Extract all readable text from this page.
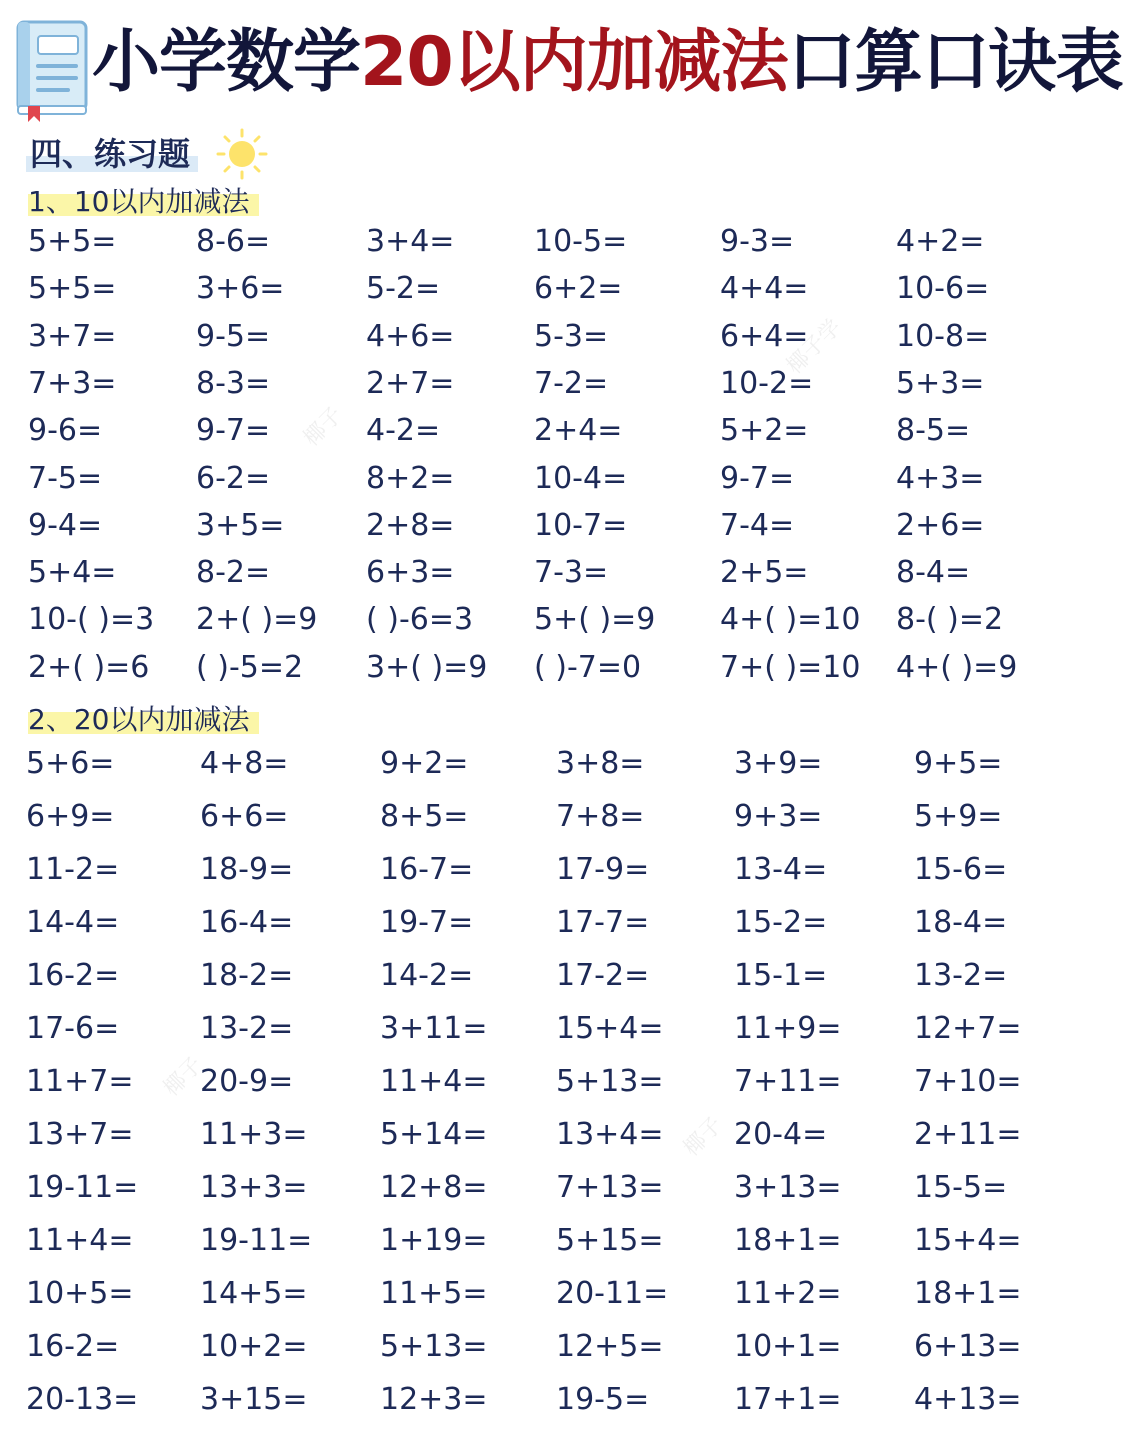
小学数学20以内加减法口算口诀表
四、练习题
1、10以内加减法
5+5=	8-6=	3+4=	10-5=	9-3=	4+2=
5+5=	3+6=	5-2=	6+2=	4+4=	10-6=
3+7=	9-5=	4+6=	5-3=	6+4=	10-8=
7+3=	8-3=	2+7=	7-2=	10-2=	5+3=
9-6=	9-7=	4-2=	2+4=	5+2=	8-5=
7-5=	6-2=	8+2=	10-4=	9-7=	4+3=
9-4=	3+5=	2+8=	10-7=	7-4=	2+6=
5+4=	8-2=	6+3=	7-3=	2+5=	8-4=
10-( )=3 2+( )=9 ( )-6=3 5+( )=9 4+( )=10 8-( )=2
2+( )=6 ( )-5=2 3+( )=9 ( )-7=0	7+( )=10 4+( )=9
2、20以内加减法
5+6=	4+8=	9+2=	3+8=	3+9=	9+5=
6+9=	6+6=	8+5=	7+8=	9+3=	5+9=
11-2=	18-9=	16-7=	17-9=	13-4=	15-6=
14-4=	16-4=	19-7=	17-7=	15-2=	18-4=
16-2=	18-2=	14-2=	17-2=	15-1=	13-2=
17-6=	13-2=	3+11= 15+4= 11+9= 12+7=
11+7= 20-9=	11+4= 5+13= 7+11= 7+10=
13+7= 11+3= 5+14= 13+4= 20-4=	2+11=
19-11= 13+3= 12+8= 7+13= 3+13= 15-5=
11+4= 19-11= 1+19= 5+15= 18+1= 15+4=
10+5= 14+5= 11+5= 20-11= 11+2= 18+1=
16-2=	10+2= 5+13= 12+5= 10+1= 6+13=
20-13= 3+15= 12+3= 19-5=	17+1= 4+13=
椰子
椰子学
椰子
椰子
